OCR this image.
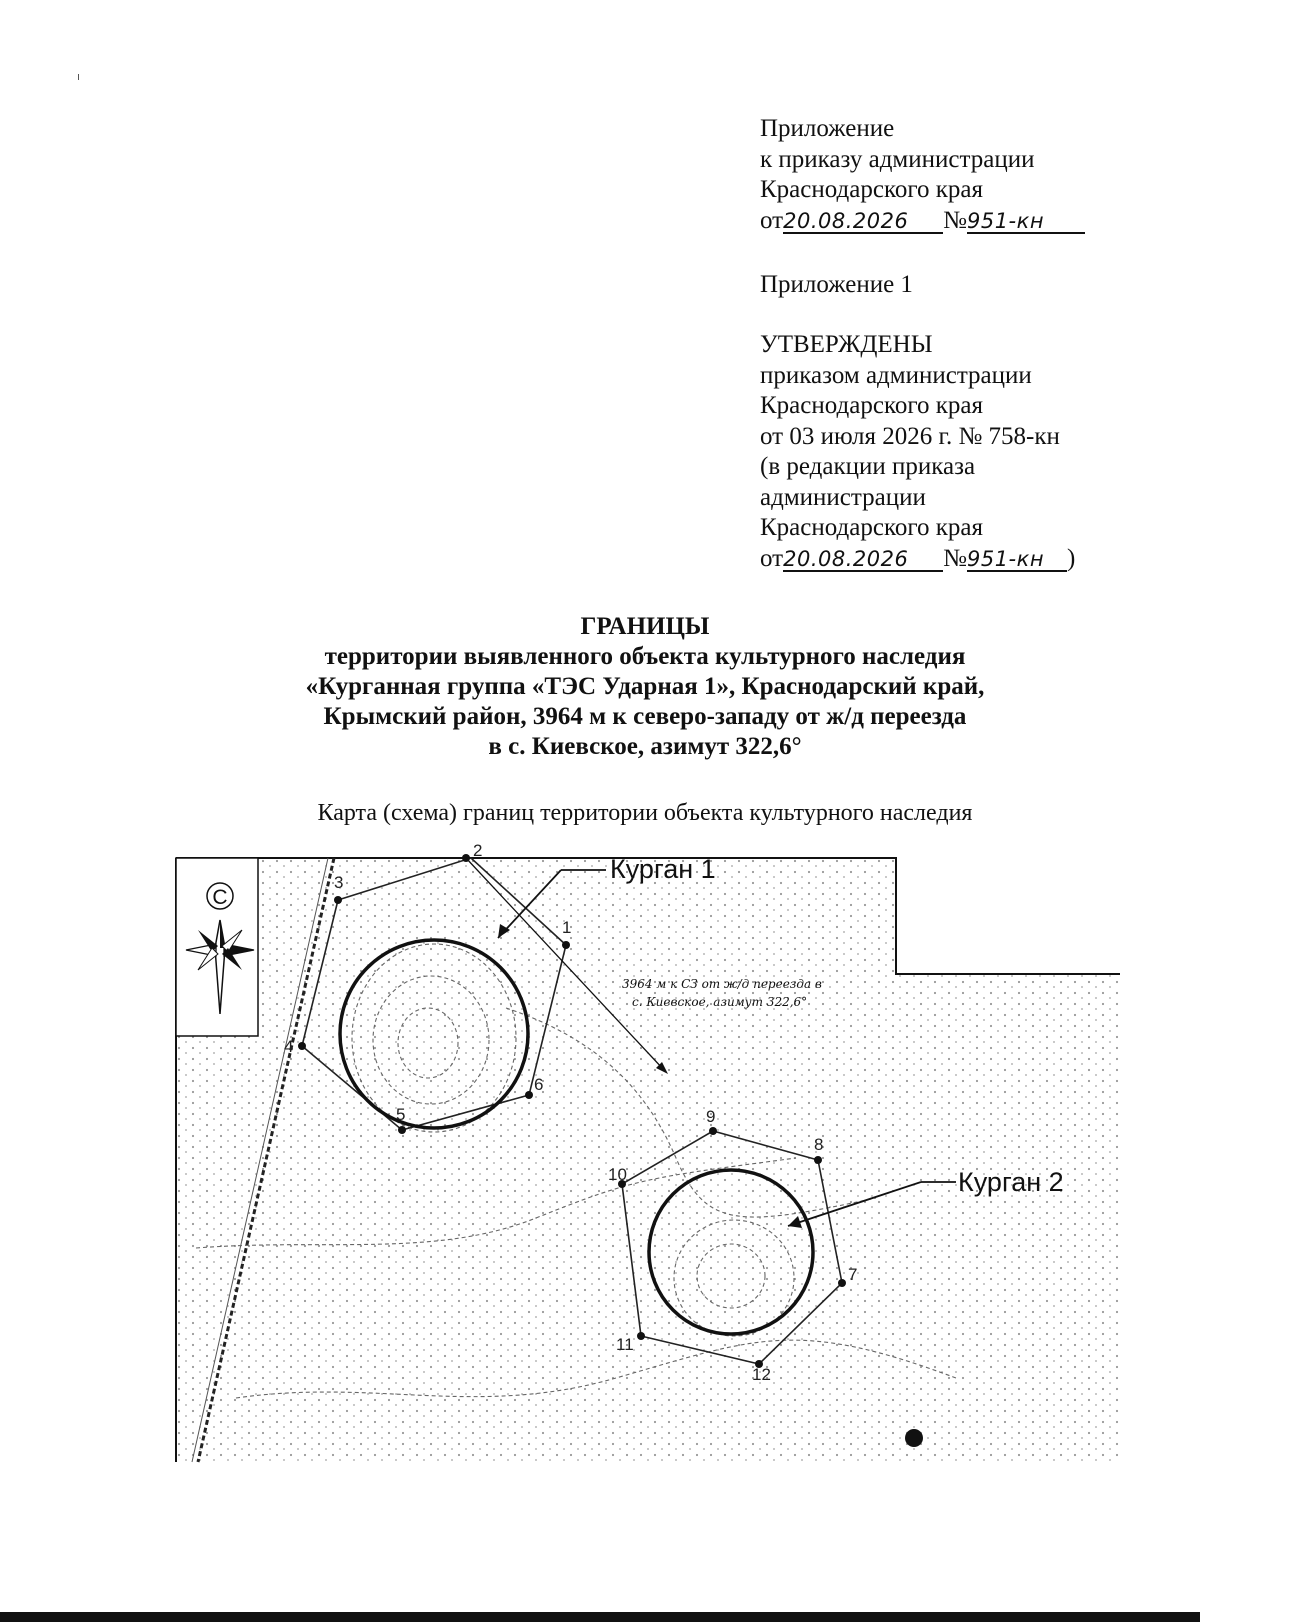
Приложение
к приказу администрации
Краснодарского края
от20.08.2026 №951-кн
Приложение 1
УТВЕРЖДЕНЫ
приказом администрации
Краснодарского края
от 03 июля 2026 г. № 758-кн
(в редакции приказа
администрации
Краснодарского края
от20.08.2026 №951-кн )
ГРАНИЦЫ
территории выявленного объекта культурного наследия
«Курганная группа «ТЭС Ударная 1», Краснодарский край,
Крымский район, 3964 м к северо-западу от ж/д переезда
в с. Киевское, азимут 322,6°
Карта (схема) границ территории объекта культурного наследия
С
1
2
3
4
5
6
7
8
9
10
11
12
Курган 1
Курган 2
3964 м к СЗ от ж/д переезда в
с. Киевское, азимут 322,6°
